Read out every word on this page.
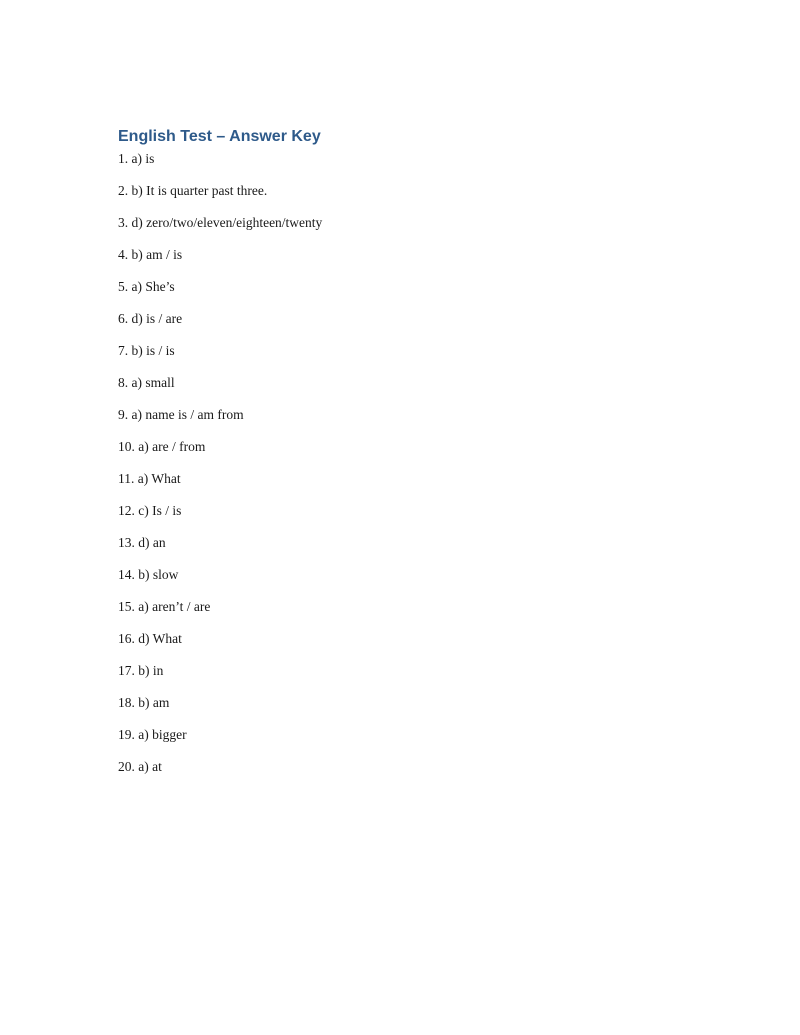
English Test – Answer Key
1. a) is
2. b) It is quarter past three.
3. d) zero/two/eleven/eighteen/twenty
4. b) am / is
5. a) She’s
6. d) is / are
7. b) is / is
8. a) small
9. a) name is / am from
10. a) are / from
11. a) What
12. c) Is / is
13. d) an
14. b) slow
15. a) aren’t / are
16. d) What
17. b) in
18. b) am
19. a) bigger
20. a) at
